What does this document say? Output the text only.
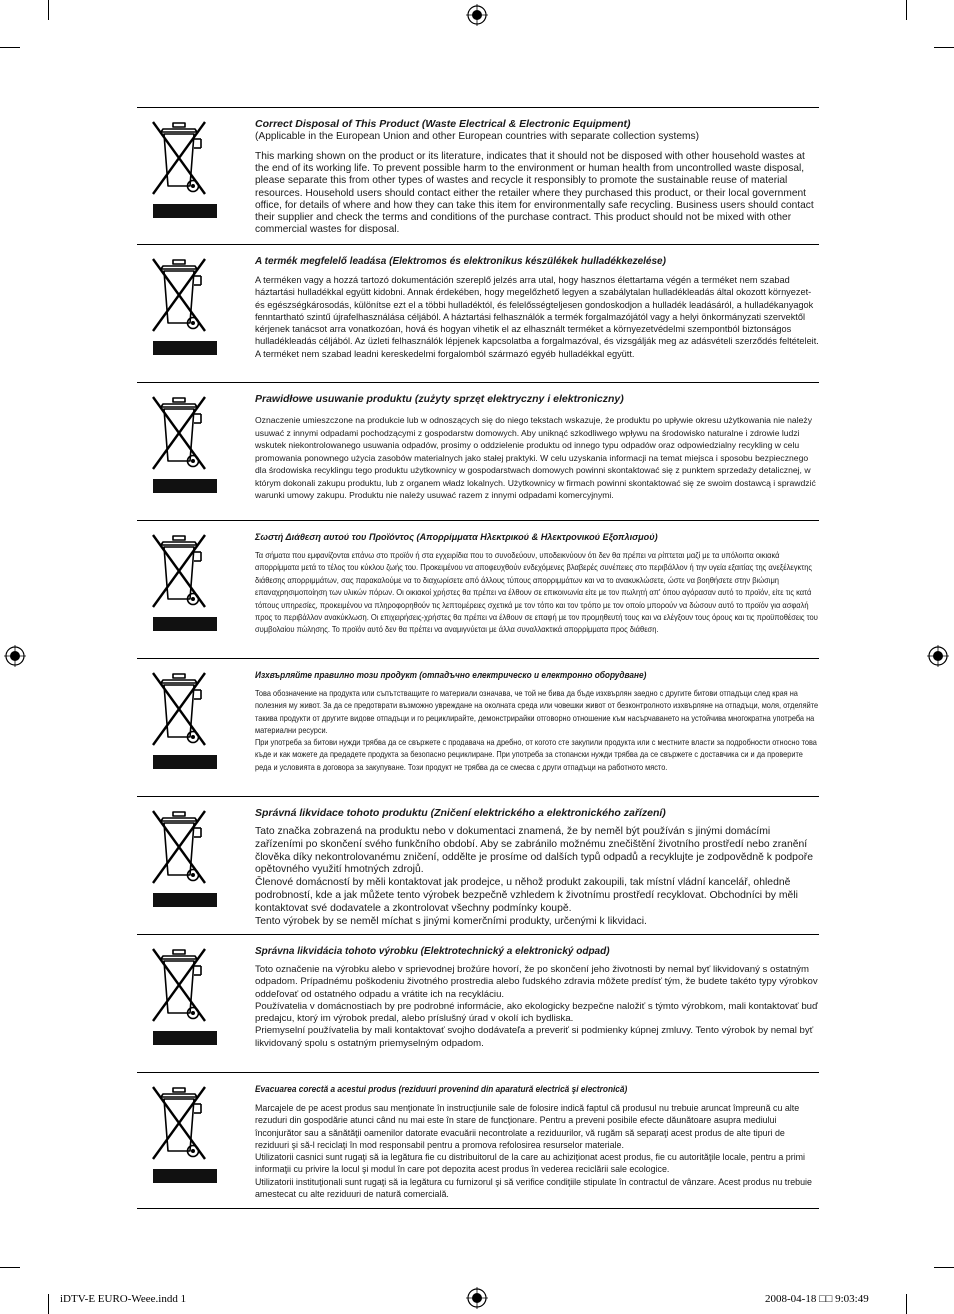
Correct Disposal of This Product (Waste Electrical & Electronic Equipment)

(Applicable in the European Union and other European countries with separate collection systems)

This marking shown on the product or its literature, indicates that it should not be disposed with other household wastes at the end of its working life. To prevent possible harm to the environment or human health from uncontrolled waste disposal, please separate this from other types of wastes and recycle it responsibly to promote the sustainable reuse of material resources. Household users should contact either the retailer where they purchased this product, or their local government office, for details of where and how they can take this item for environmentally safe recycling. Business users should contact their supplier and check the terms and conditions of the purchase contract. This product should not be mixed with other commercial wastes for disposal.

A termék megfelelő leadása (Elektromos és elektronikus készülékek hulladékkezelése)

A terméken vagy a hozzá tartozó dokumentáción szereplő jelzés arra utal, hogy hasznos élettartama végén a terméket nem szabad háztartási hulladékkal együtt kidobni. Annak érdekében, hogy megelőzhető legyen a szabálytalan hulladékleadás által okozott környezet- és egészségkárosodás, különítse ezt el a többi hulladéktól, és felelősségteljesen gondoskodjon a hulladék leadásáról, a hulladékanyagok fenntartható szintű újrafelhasználása céljából. A háztartási felhasználók a termék forgalmazójától vagy a helyi önkormányzati szervektől kérjenek tanácsot arra vonatkozóan, hová és hogyan vihetik el az elhasznált terméket a környezetvédelmi szempontból biztonságos hulladékleadás céljából. Az üzleti felhasználók lépjenek kapcsolatba a forgalmazóval, és vizsgálják meg az adásvételi szerződés feltételeit. A terméket nem szabad leadni kereskedelmi forgalomból származó egyéb hulladékkal együtt.

Prawidłowe usuwanie produktu (zużyty sprzęt elektryczny i elektroniczny)

Oznaczenie umieszczone na produkcie lub w odnoszących się do niego tekstach wskazuje, że produktu po upływie okresu użytkowania nie należy usuwać z innymi odpadami pochodzącymi z gospodarstw domowych. Aby uniknąć szkodliwego wpływu na środowisko naturalne i zdrowie ludzi wskutek niekontrolowanego usuwania odpadów, prosimy o oddzielenie produktu od innego typu odpadów oraz odpowiedzialny recykling w celu promowania ponownego użycia zasobów materialnych jako stałej praktyki. W celu uzyskania informacji na temat miejsca i sposobu bezpiecznego dla środowiska recyklingu tego produktu użytkownicy w gospodarstwach domowych powinni skontaktować się z punktem sprzedaży detalicznej, w którym dokonali zakupu produktu, lub z organem władz lokalnych. Użytkownicy w firmach powinni skontaktować się ze swoim dostawcą i sprawdzić warunki umowy zakupu. Produktu nie należy usuwać razem z innymi odpadami komercyjnymi.

Σωστή Διάθεση αυτού του Προϊόντος (Απορρίμματα Ηλεκτρικού & Ηλεκτρονικού Εξοπλισμού)

Τα σήματα που εμφανίζονται επάνω στο προϊόν ή στα εγχειρίδια που το συνοδεύουν, υποδεικνύουν ότι δεν θα πρέπει να ρίπτεται μαζί με τα υπόλοιπα οικιακά απορρίμματα μετά το τέλος του κύκλου ζωής του. Προκειμένου να αποφευχθούν ενδεχόμενες βλαβερές συνέπειες στο περιβάλλον ή την υγεία εξαιτίας της ανεξέλεγκτης διάθεσης απορριμμάτων, σας παρακαλούμε να το διαχωρίσετε από άλλους τύπους απορριμμάτων και να το ανακυκλώσετε, ώστε να βοηθήσετε στην βιώσιμη επαναχρησιμοποίηση των υλικών πόρων. Οι οικιακοί χρήστες θα πρέπει να έλθουν σε επικοινωνία είτε με τον πωλητή απ' όπου αγόρασαν αυτό το προϊόν, είτε τις κατά τόπους υπηρεσίες, προκειμένου να πληροφορηθούν τις λεπτομέρειες σχετικά με τον τόπο και τον τρόπο με τον οποίο μπορούν να δώσουν αυτό το προϊόν για ασφαλή προς το περιβάλλον ανακύκλωση. Οι επιχειρήσεις-χρήστες θα πρέπει να έλθουν σε επαφή με τον προμηθευτή τους και να ελέγξουν τους όρους και τις προϋποθέσεις του συμβολαίου πώλησης. Το προϊόν αυτό δεν θα πρέπει να αναμιγνύεται με άλλα συναλλακτικά απορρίμματα προς διάθεση.

Изхвърляйте правилно този продукт (отпадъчно електрическо и електронно оборудване)

Това обозначение на продукта или съпътстващите го материали означава, че той не бива да бъде изхвърлян заедно с другите битови отпадъци след края на полезния му живот. За да се предотврати възможно увреждане на околната среда или човешки живот от безконтролното изхвърляне на отпадъци, моля, отделяйте такива продукти от другите видове отпадъци и го рециклирайте, демонстрирайки отговорно отношение към насърчаването на устойчива многократна употреба на материални ресурси.
При употреба за битови нужди трябва да се свържете с продавача на дребно, от когото сте закупили продукта или с местните власти за подробности относно това къде и как можете да предадете продукта за безопасно рециклиране. При употреба за стопански нужди трябва да се свържете с доставчика си и да проверите реда и условията в договора за закупуване. Този продукт не трябва да се смесва с други отпадъци на работното място.

Správná likvidace tohoto produktu (Zničení elektrického a elektronického zařízení)

Tato značka zobrazená na produktu nebo v dokumentaci znamená, že by neměl být používán s jinými domácími zařízeními po skončení svého funkčního období. Aby se zabránilo možnému znečištění životního prostředí nebo zranění člověka díky nekontrolovanému zničení, oddělte je prosíme od dalších typů odpadů a recyklujte je zodpovědně k podpoře opětovného využití hmotných zdrojů.
Členové domácností by měli kontaktovat jak prodejce, u něhož produkt zakoupili, tak místní vládní kancelář, ohledně podrobností, kde a jak můžete tento výrobek bezpečně vzhledem k životnímu prostředí recyklovat. Obchodníci by měli kontaktovat své dodavatele a zkontrolovat všechny podmínky koupě.
Tento výrobek by se neměl míchat s jinými komerčními produkty, určenými k likvidaci.

Správna likvidácia tohoto výrobku (Elektrotechnický a elektronický odpad)

Toto označenie na výrobku alebo v sprievodnej brožúre hovorí, že po skončení jeho životnosti by nemal byť likvidovaný s ostatným odpadom. Prípadnému poškodeniu životného prostredia alebo ľudského zdravia môžete predísť tým, že budete takéto typy výrobkov oddeľovať od ostatného odpadu a vrátite ich na recykláciu.
Používatelia v domácnostiach by pre podrobné informácie, ako ekologicky bezpečne naložiť s týmto výrobkom, mali kontaktovať buď predajcu, ktorý im výrobok predal, alebo príslušný úrad v okolí ich bydliska.
Priemyselní používatelia by mali kontaktovať svojho dodávateľa a preveriť si podmienky kúpnej zmluvy. Tento výrobok by nemal byť likvidovaný spolu s ostatným priemyselným odpadom.

Evacuarea corectă a acestui produs (reziduuri provenind din aparatură electrică şi electronică)

Marcajele de pe acest produs sau menţionate în instrucţiunile sale de folosire indică faptul că produsul nu trebuie aruncat împreună cu alte rezuduri din gospodărie atunci când nu mai este în stare de funcţionare. Pentru a preveni posibile efecte dăunătoare asupra mediului înconjurător sau a sănătăţii oamenilor datorate evacuării necontrolate a reziduurilor, vă rugăm să separaţi acest produs de alte tipuri de reziduuri şi să-l reciclaţi în mod responsabil pentru a promova refolosirea resurselor materiale.
Utilizatorii casnici sunt rugaţi să ia legătura fie cu distribuitorul de la care au achiziţionat acest produs, fie cu autorităţile locale, pentru a primi informaţii cu privire la locul şi modul în care pot depozita acest produs în vederea reciclării sale ecologice.
Utilizatorii instituţionali sunt rugaţi să ia legătura cu furnizorul şi să verifice condiţiile stipulate în contractul de vânzare. Acest produs nu trebuie amestecat cu alte reziduuri de natură comercială.

iDTV-E EURO-Weee.indd 1	2008-04-18 □□ 9:03:49
